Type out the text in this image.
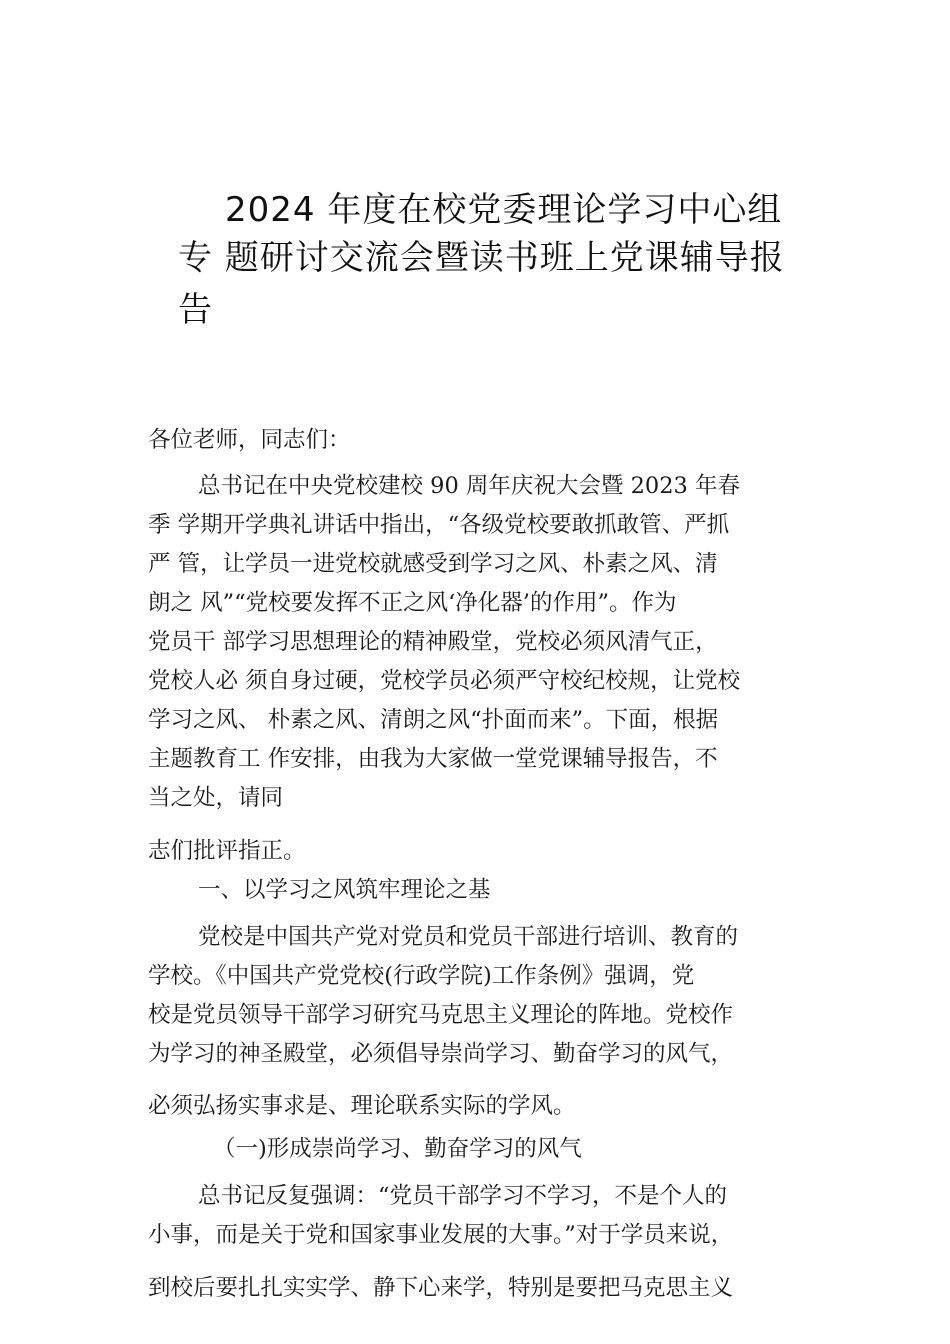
2024 年度在校党委理论学习中心组
专 题研讨交流会暨读书班上党课辅导报
告
各位老师，同志们：
总书记在中央党校建校 90 周年庆祝大会暨 2023 年春
季 学期开学典礼讲话中指出，“各级党校要敢抓敢管、严抓
严 管，让学员一进党校就感受到学习之风、朴素之风、清
朗之 风”“党校要发挥不正之风‘净化器’的作用”。作为
党员干 部学习思想理论的精神殿堂，党校必须风清气正，
党校人必 须自身过硬，党校学员必须严守校纪校规，让党校
学习之风、 朴素之风、清朗之风“扑面而来”。下面，根据
主题教育工 作安排，由我为大家做一堂党课辅导报告，不
当之处，请同
志们批评指正。
一、以学习之风筑牢理论之基
党校是中国共产党对党员和党员干部进行培训、教育的
学校。《中国共产党党校(行政学院)工作条例》强调，党
校是党员领导干部学习研究马克思主义理论的阵地。党校作
为学习的神圣殿堂，必须倡导崇尚学习、勤奋学习的风气，
必须弘扬实事求是、理论联系实际的学风。
（一)形成崇尚学习、勤奋学习的风气
总书记反复强调：“党员干部学习不学习，不是个人的
小事，而是关于党和国家事业发展的大事。”对于学员来说，
到校后要扎扎实实学、静下心来学，特别是要把马克思主义
